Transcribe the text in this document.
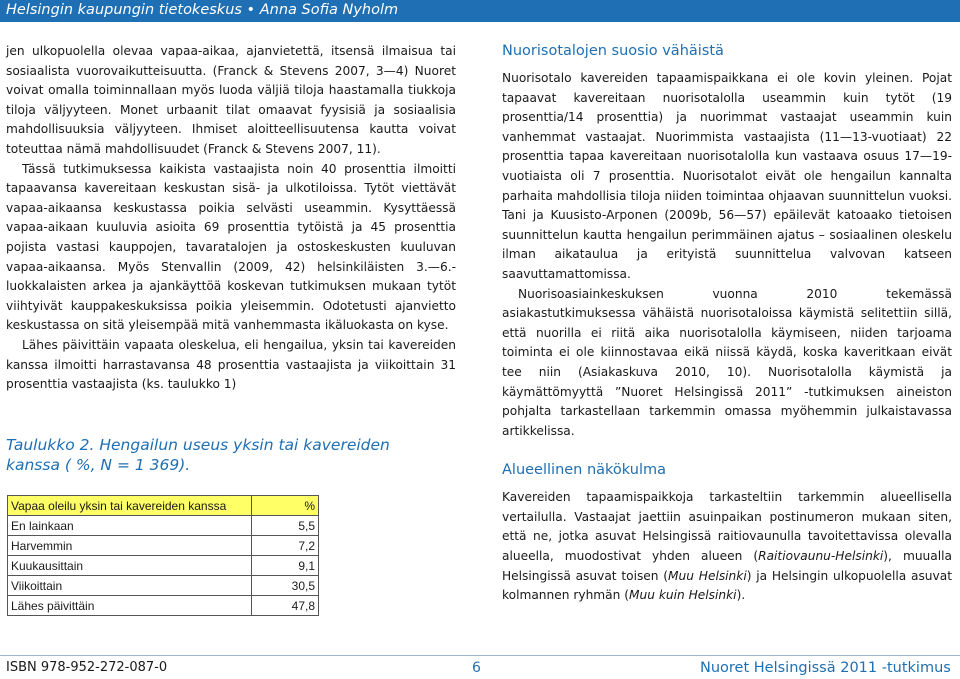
Helsingin kaupungin tietokeskus • Anna Sofia Nyholm

jen ulkopuolella olevaa vapaa-aikaa, ajanvietettä, itsensä ilmaisua tai sosiaalista vuorovaikutteisuutta. (Franck & Stevens 2007, 3—4) Nuoret voivat omalla toiminnallaan myös luoda väljiä tiloja haastamalla tiukkoja tiloja väljyyteen. Monet urbaanit tilat omaavat fyysisiä ja sosiaalisia mahdollisuuksia väljyyteen. Ihmiset aloitteellisuutensa kautta voivat toteuttaa nämä mahdollisuudet (Franck & Stevens 2007, 11).

Tässä tutkimuksessa kaikista vastaajista noin 40 prosenttia ilmoitti tapaavansa kavereitaan keskustan sisä- ja ulkotiloissa. Tytöt viettävät vapaa-aikaansa keskustassa poikia selvästi useammin. Kysyttäessä vapaa-aikaan kuuluvia asioita 69 prosenttia tytöistä ja 45 prosenttia pojista vastasi kauppojen, tavaratalojen ja ostoskeskusten kuuluvan vapaa-aikaansa. Myös Stenvallin (2009, 42) helsinkiläisten 3.—6.-luokkalaisten arkea ja ajankäyttöä koskevan tutkimuksen mukaan tytöt viihtyivät kauppakeskuksissa poikia yleisemmin. Odotetusti ajanvietto keskustassa on sitä yleisempää mitä vanhemmasta ikäluokasta on kyse.

Lähes päivittäin vapaata oleskelua, eli hengailua, yksin tai kavereiden kanssa ilmoitti harrastavansa 48 prosenttia vastaajista ja viikoittain 31 prosenttia vastaajista (ks. taulukko 1)

Taulukko 2. Hengailun useus yksin tai kavereiden kanssa ( %, N = 1 369).
Vapaa oleilu yksin tai kavereiden kanssa	%
En lainkaan	5,5
Harvemmin	7,2
Kuukausittain	9,1
Viikoittain	30,5
Lähes päivittäin	47,8
Nuorisotalojen suosio vähäistä

Nuorisotalo kavereiden tapaamispaikkana ei ole kovin yleinen. Pojat tapaavat kavereitaan nuorisotalolla useammin kuin tytöt (19 prosenttia/14 prosenttia) ja nuorimmat vastaajat useammin kuin vanhemmat vastaajat. Nuorimmista vastaajista (11—13-vuotiaat) 22 prosenttia tapaa kavereitaan nuorisotalolla kun vastaava osuus 17—19-vuotiaista oli 7 prosenttia. Nuorisotalot eivät ole hengailun kannalta parhaita mahdollisia tiloja niiden toimintaa ohjaavan suunnittelun vuoksi. Tani ja Kuusisto-Arponen (2009b, 56—57) epäilevät katoaako tietoisen suunnittelun kautta hengailun perimmäinen ajatus – sosiaalinen oleskelu ilman aikataulua ja erityistä suunnittelua valvovan katseen saavuttamattomissa.

Nuorisoasiainkeskuksen vuonna 2010 tekemässä asiakastutkimuksessa vähäistä nuorisotaloissa käymistä selitettiin sillä, että nuorilla ei riitä aika nuorisotalolla käymiseen, niiden tarjoama toiminta ei ole kiinnostavaa eikä niissä käydä, koska kaveritkaan eivät tee niin (Asiakaskuva 2010, 10). Nuorisotalolla käymistä ja käymättömyyttä ”Nuoret Helsingissä 2011” -tutkimuksen aineiston pohjalta tarkastellaan tarkemmin omassa myöhemmin julkaistavassa artikkelissa.

Alueellinen näkökulma

Kavereiden tapaamispaikkoja tarkasteltiin tarkemmin alueellisella vertailulla. Vastaajat jaettiin asuinpaikan postinumeron mukaan siten, että ne, jotka asuvat Helsingissä raitiovaunulla tavoitettavissa olevalla alueella, muodostivat yhden alueen (Raitiovaunu-Helsinki), muualla Helsingissä asuvat toisen (Muu Helsinki) ja Helsingin ulkopuolella asuvat kolmannen ryhmän (Muu kuin Helsinki).

ISBN 978-952-272-087-0	6	Nuoret Helsingissä 2011 -tutkimus
